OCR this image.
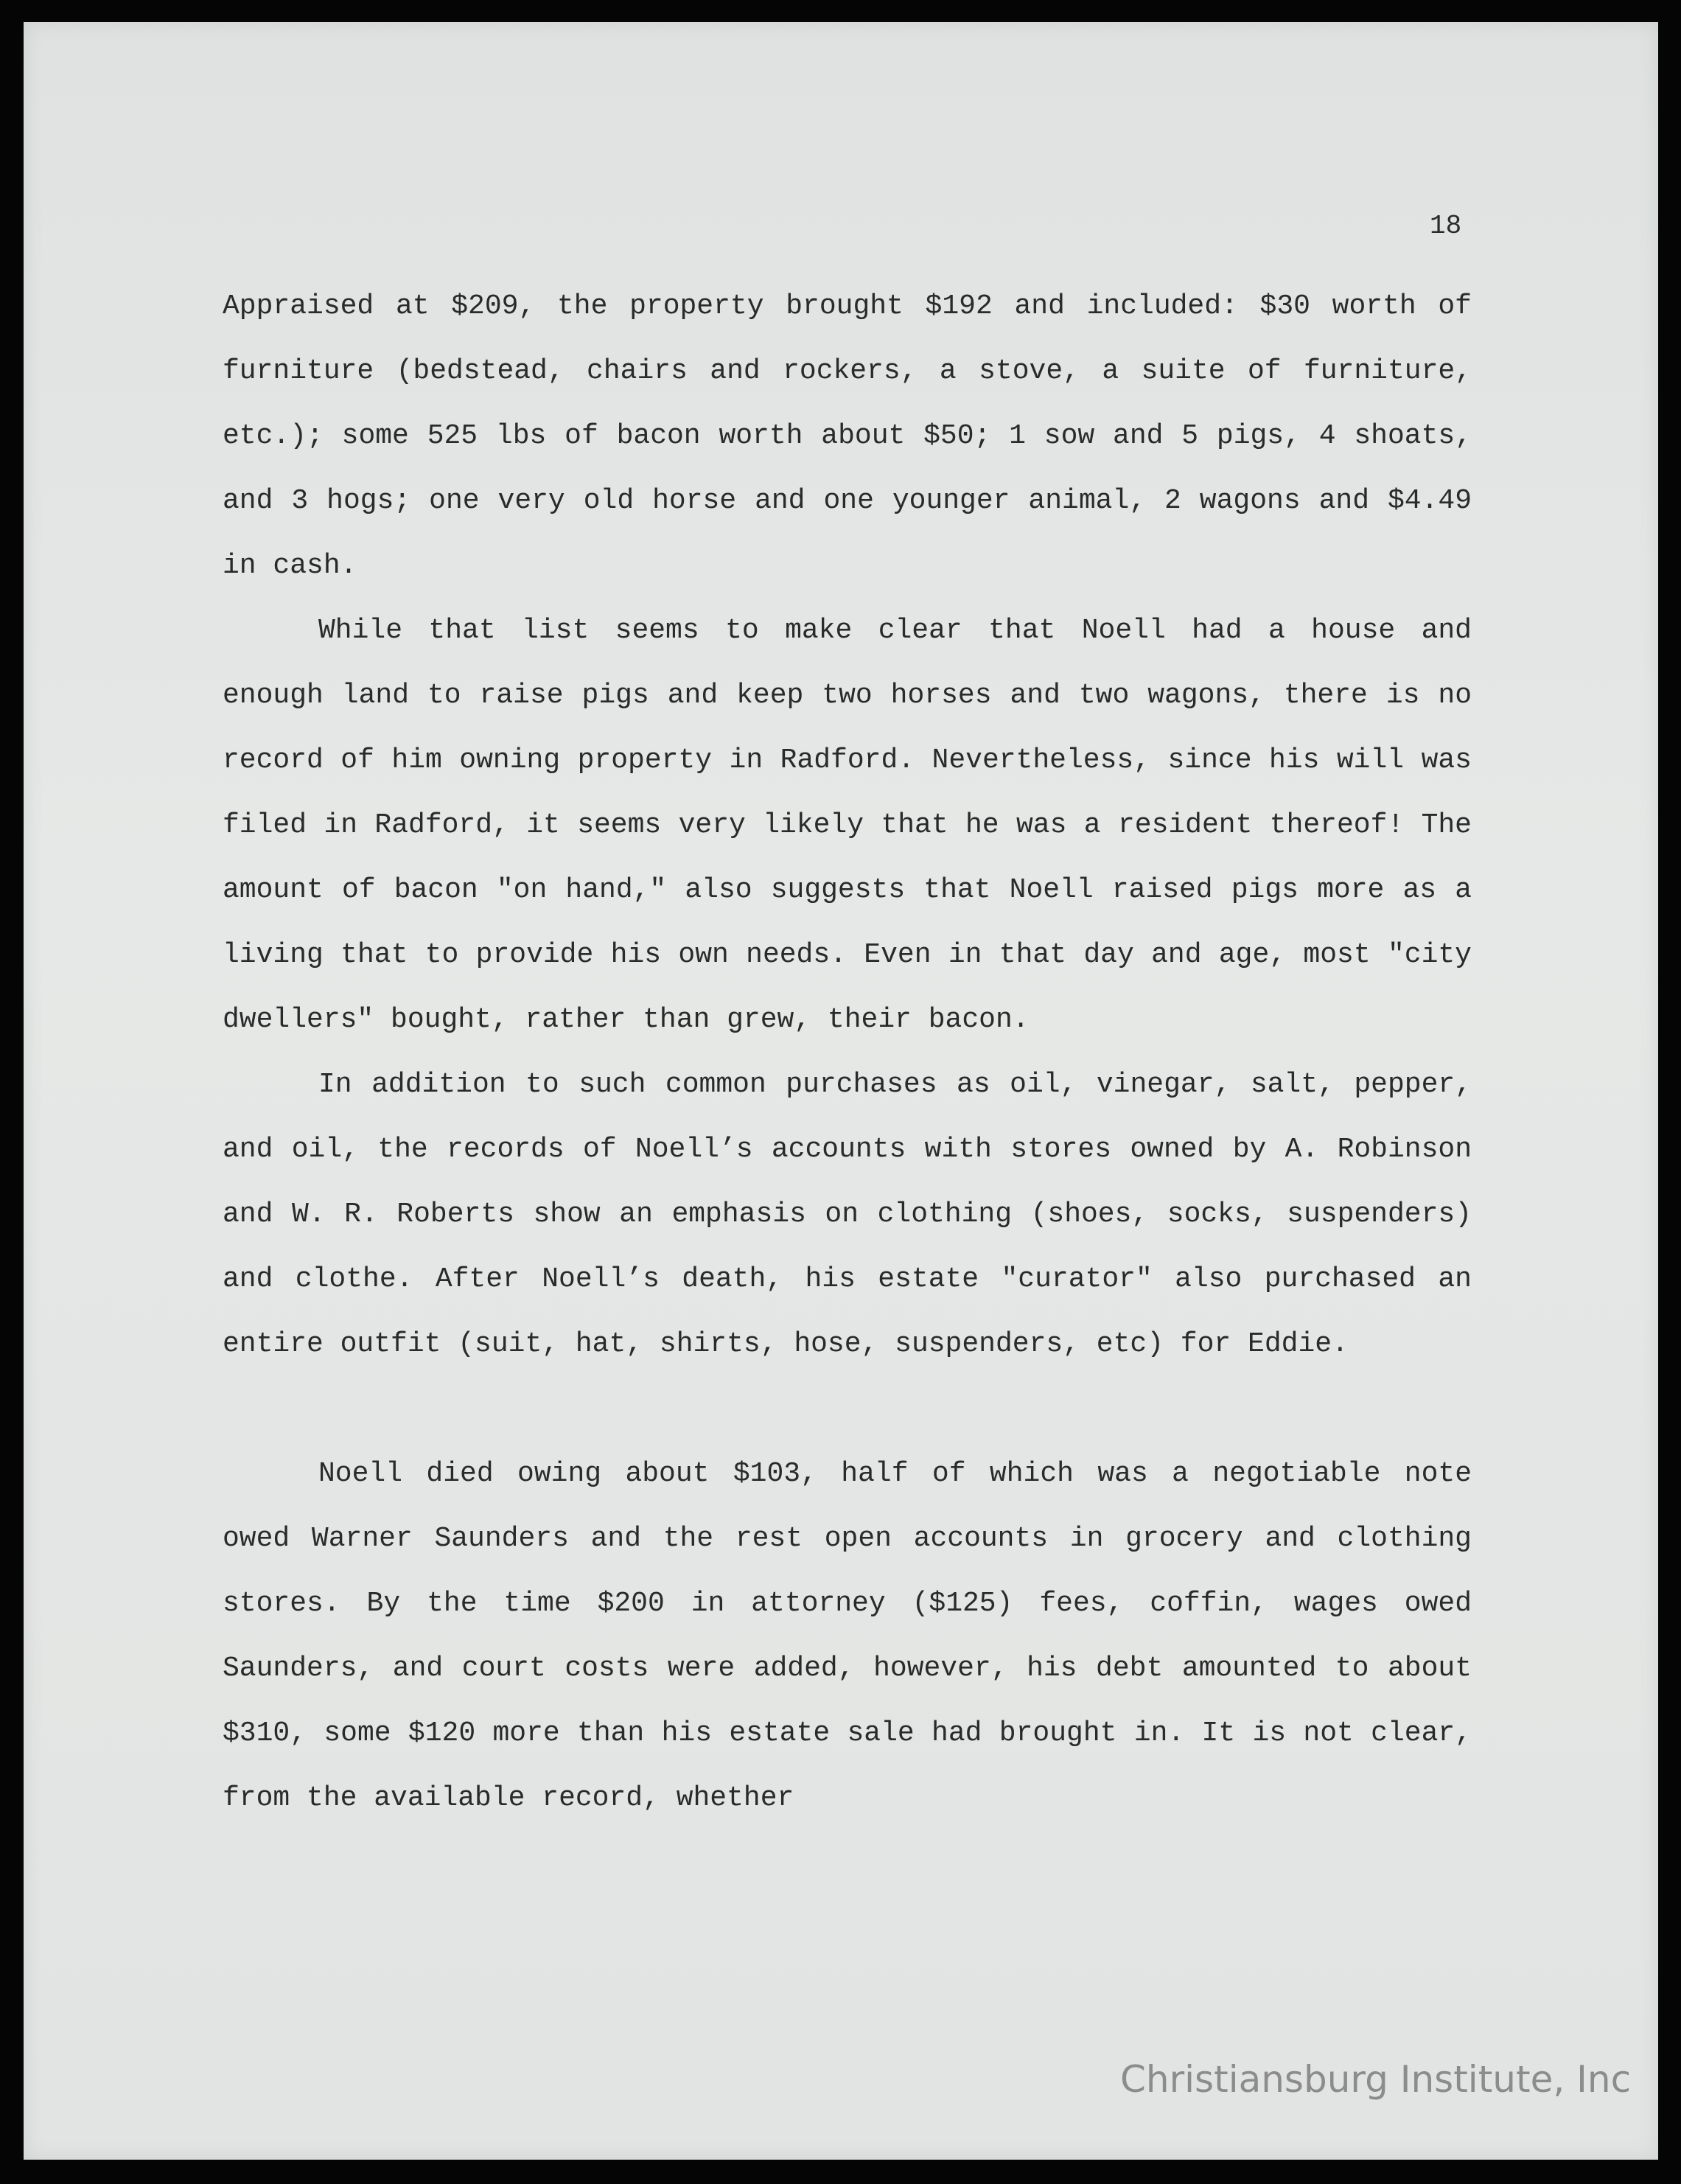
18

Appraised at $209, the property brought $192 and included: $30 worth of furniture (bedstead, chairs and rockers, a stove, a suite of furniture, etc.); some 525 lbs of bacon worth about $50; 1 sow and 5 pigs, 4 shoats, and 3 hogs; one very old horse and one younger animal, 2 wagons and $4.49 in cash.

While that list seems to make clear that Noell had a house and enough land to raise pigs and keep two horses and two wagons, there is no record of him owning property in Radford. Nevertheless, since his will was filed in Radford, it seems very likely that he was a resident thereof! The amount of bacon "on hand," also suggests that Noell raised pigs more as a living that to provide his own needs. Even in that day and age, most "city dwellers" bought, rather than grew, their bacon.

In addition to such common purchases as oil, vinegar, salt, pepper, and oil, the records of Noell’s accounts with stores owned by A. Robinson and W. R. Roberts show an emphasis on clothing (shoes, socks, suspenders) and clothe. After Noell’s death, his estate "curator" also purchased an entire outfit (suit, hat, shirts, hose, suspenders, etc) for Eddie.

Noell died owing about $103, half of which was a negotiable note owed Warner Saunders and the rest open accounts in grocery and clothing stores. By the time $200 in attorney ($125) fees, coffin, wages owed Saunders, and court costs were added, however, his debt amounted to about $310, some $120 more than his estate sale had brought in. It is not clear, from the available record, whether

Christiansburg Institute, Inc
